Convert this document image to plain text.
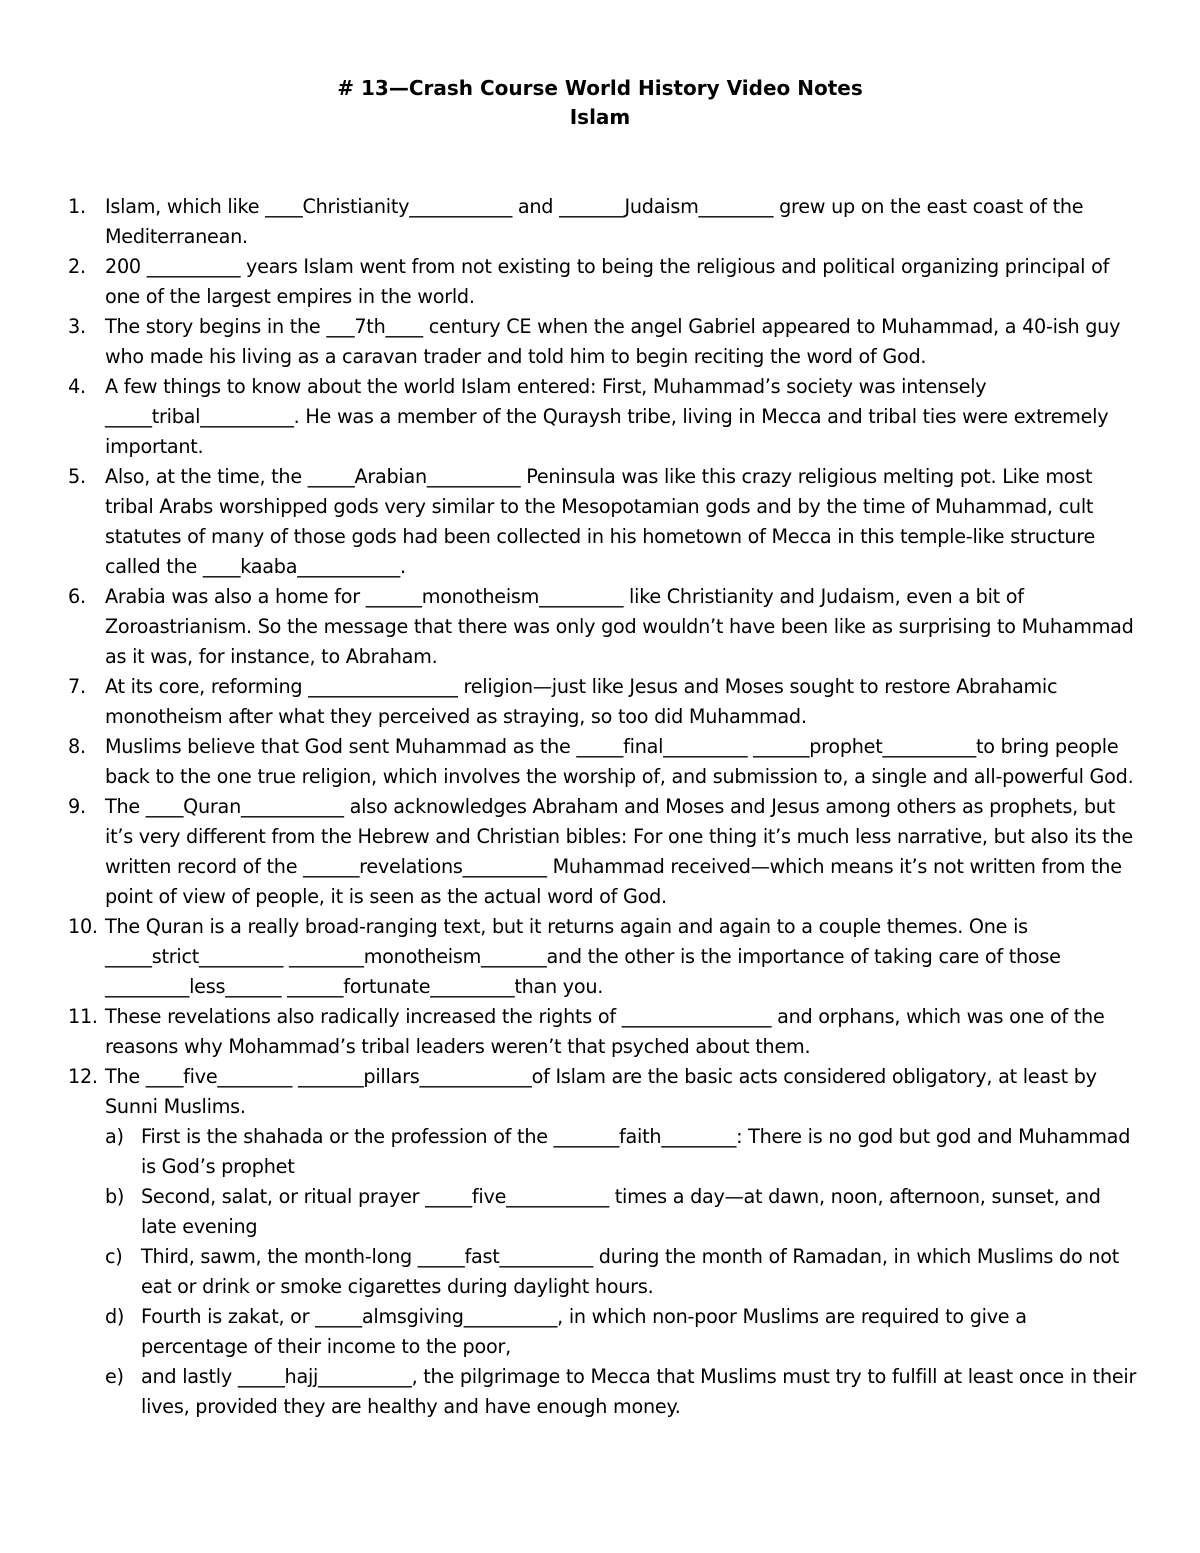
# 13—Crash Course World History Video Notes
Islam
1. Islam, which like ____Christianity___________ and _______Judaism________ grew up on the east coast of the Mediterranean.
2. 200 __________ years Islam went from not existing to being the religious and political organizing principal of one of the largest empires in the world.
3. The story begins in the ___7th____ century CE when the angel Gabriel appeared to Muhammad, a 40-ish guy who made his living as a caravan trader and told him to begin reciting the word of God.
4. A few things to know about the world Islam entered: First, Muhammad’s society was intensely _____tribal__________. He was a member of the Quraysh tribe, living in Mecca and tribal ties were extremely important.
5. Also, at the time, the _____Arabian__________ Peninsula was like this crazy religious melting pot. Like most tribal Arabs worshipped gods very similar to the Mesopotamian gods and by the time of Muhammad, cult statutes of many of those gods had been collected in his hometown of Mecca in this temple-like structure called the ____kaaba___________.
6. Arabia was also a home for ______monotheism_________ like Christianity and Judaism, even a bit of Zoroastrianism. So the message that there was only god wouldn’t have been like as surprising to Muhammad as it was, for instance, to Abraham.
7. At its core, reforming ________________ religion—just like Jesus and Moses sought to restore Abrahamic monotheism after what they perceived as straying, so too did Muhammad.
8. Muslims believe that God sent Muhammad as the _____final_________ ______prophet__________to bring people back to the one true religion, which involves the worship of, and submission to, a single and all-powerful God.
9. The ____Quran___________ also acknowledges Abraham and Moses and Jesus among others as prophets, but it’s very different from the Hebrew and Christian bibles: For one thing it’s much less narrative, but also its the written record of the ______revelations_________ Muhammad received—which means it’s not written from the point of view of people, it is seen as the actual word of God.
10. The Quran is a really broad-ranging text, but it returns again and again to a couple themes. One is _____strict_________ ________monotheism_______and the other is the importance of taking care of those _________less______ ______fortunate_________than you.
11. These revelations also radically increased the rights of ________________ and orphans, which was one of the reasons why Mohammad’s tribal leaders weren’t that psyched about them.
12. The ____five________ _______pillars____________of Islam are the basic acts considered obligatory, at least by Sunni Muslims.
a) First is the shahada or the profession of the _______faith________: There is no god but god and Muhammad is God’s prophet
b) Second, salat, or ritual prayer _____five___________ times a day—at dawn, noon, afternoon, sunset, and late evening
c) Third, sawm, the month-long _____fast__________ during the month of Ramadan, in which Muslims do not eat or drink or smoke cigarettes during daylight hours.
d) Fourth is zakat, or _____almsgiving__________, in which non-poor Muslims are required to give a percentage of their income to the poor,
e) and lastly _____hajj__________, the pilgrimage to Mecca that Muslims must try to fulfill at least once in their lives, provided they are healthy and have enough money.
